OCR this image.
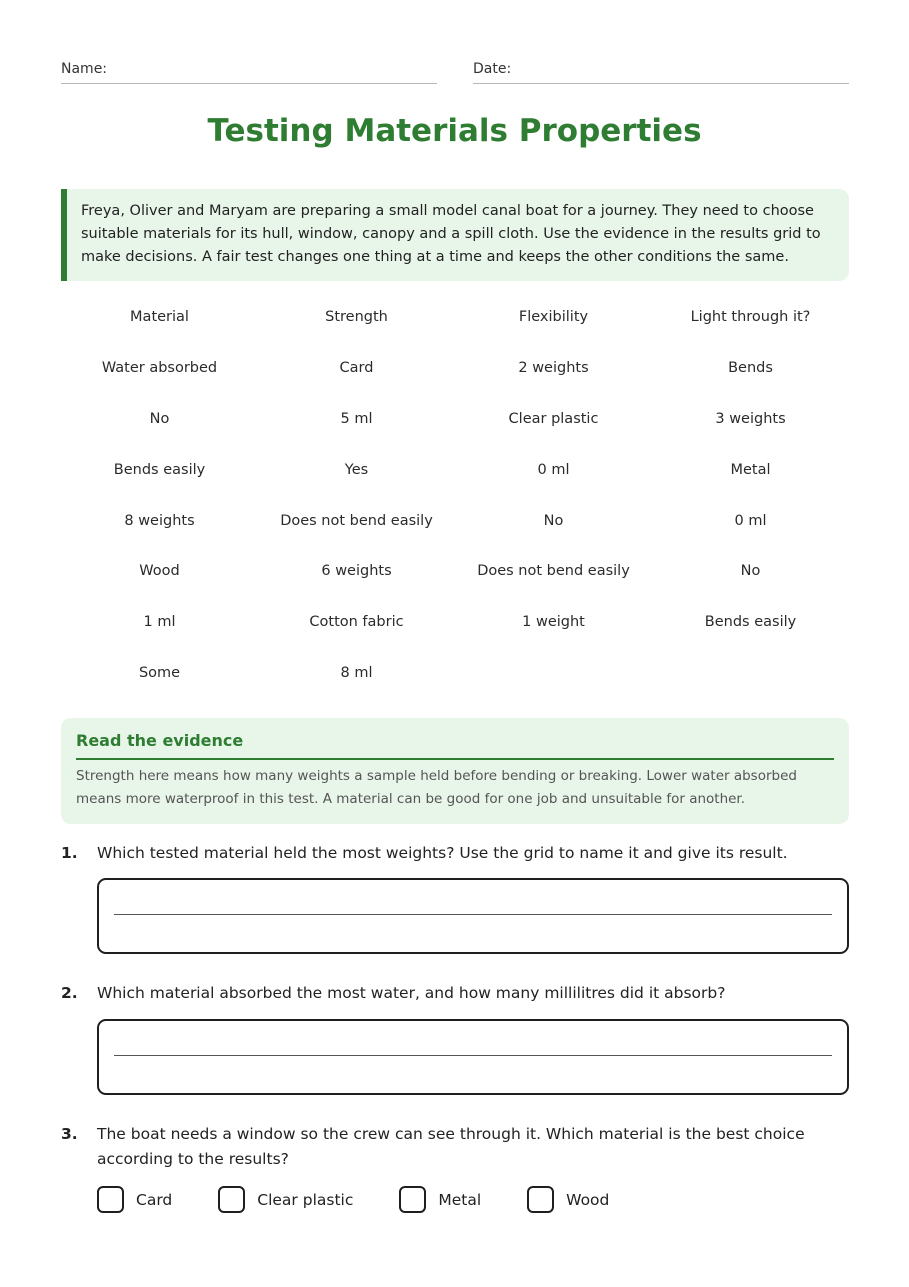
Name:	Date:
Testing Materials Properties
Freya, Oliver and Maryam are preparing a small model canal boat for a journey. They need to choose suitable materials for its hull, window, canopy and a spill cloth. Use the evidence in the results grid to make decisions. A fair test changes one thing at a time and keeps the other conditions the same.
Material	Strength	Flexibility	Light through it?
Water absorbed	Card	2 weights	Bends
No	5 ml	Clear plastic	3 weights
Bends easily	Yes	0 ml	Metal
8 weights	Does not bend easily	No	0 ml
Wood	6 weights	Does not bend easily	No
1 ml	Cotton fabric	1 weight	Bends easily
Some	8 ml
Read the evidence
Strength here means how many weights a sample held before bending or breaking. Lower water absorbed means more waterproof in this test. A material can be good for one job and unsuitable for another.
1. Which tested material held the most weights? Use the grid to name it and give its result.
2. Which material absorbed the most water, and how many millilitres did it absorb?
3. The boat needs a window so the crew can see through it. Which material is the best choice according to the results?
Card	Clear plastic	Metal	Wood
